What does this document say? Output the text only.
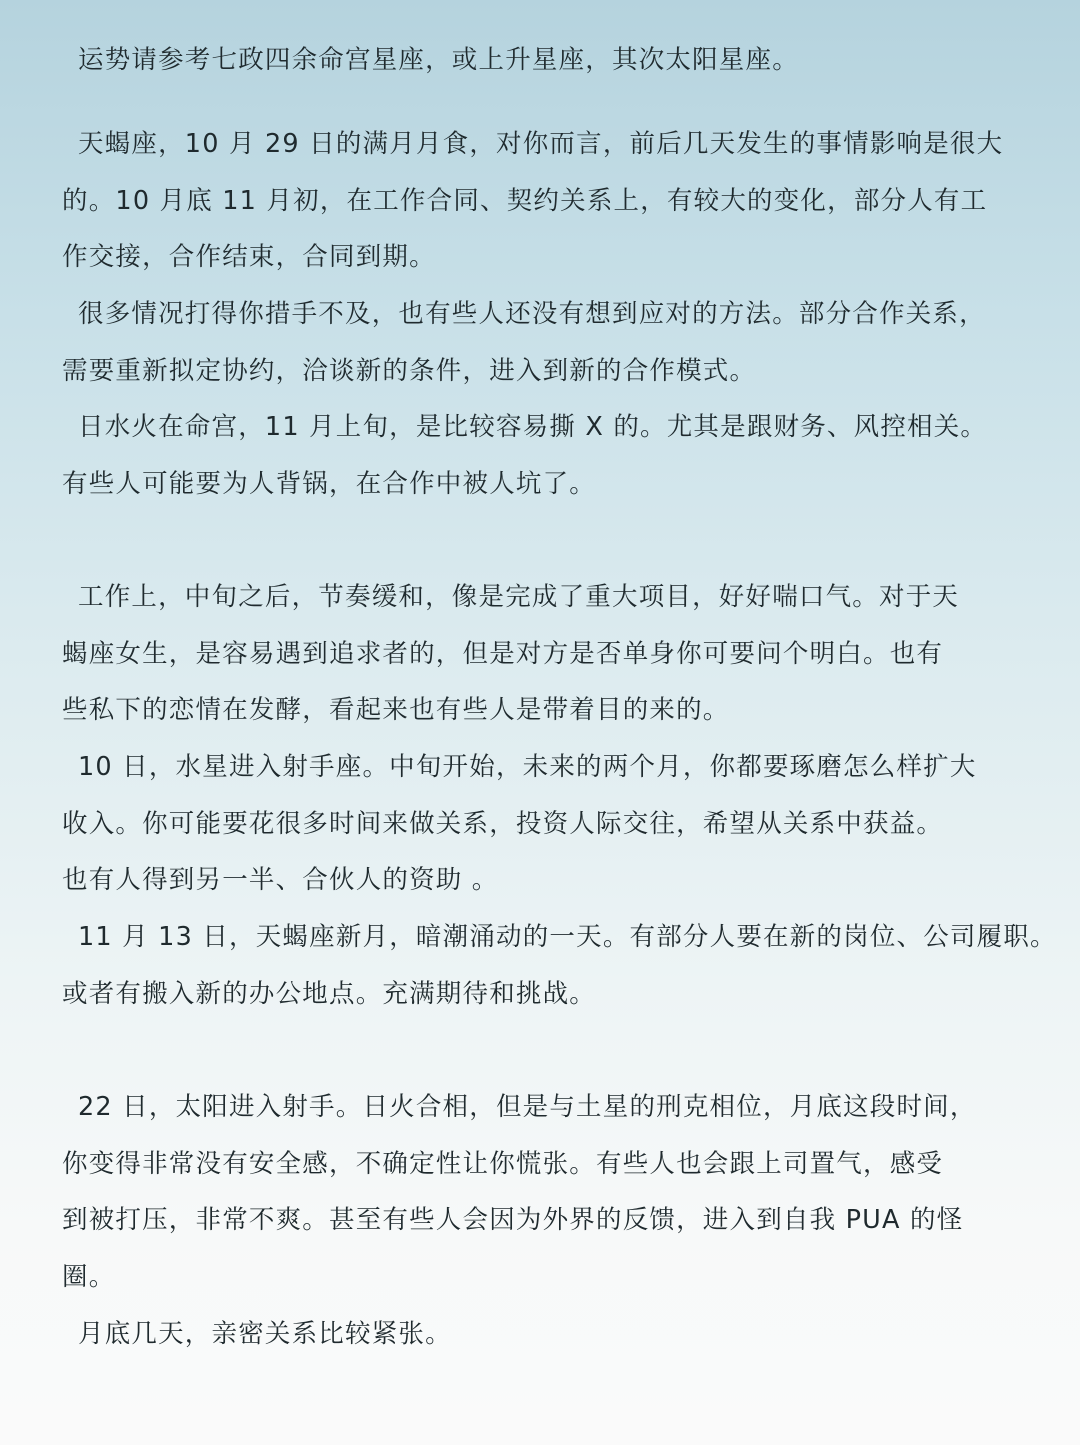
运势请参考七政四余命宫星座，或上升星座，其次太阳星座。
天蝎座，10 月 29 日的满月月食，对你而言，前后几天发生的事情影响是很大
的。10 月底 11 月初，在工作合同、契约关系上，有较大的变化，部分人有工
作交接，合作结束，合同到期。
很多情况打得你措手不及，也有些人还没有想到应对的方法。部分合作关系，
需要重新拟定协约，洽谈新的条件，进入到新的合作模式。
日水火在命宫，11 月上旬，是比较容易撕 X 的。尤其是跟财务、风控相关。
有些人可能要为人背锅，在合作中被人坑了。
工作上，中旬之后，节奏缓和，像是完成了重大项目，好好喘口气。对于天
蝎座女生，是容易遇到追求者的，但是对方是否单身你可要问个明白。也有
些私下的恋情在发酵，看起来也有些人是带着目的来的。
10 日，水星进入射手座。中旬开始，未来的两个月，你都要琢磨怎么样扩大
收入。你可能要花很多时间来做关系，投资人际交往，希望从关系中获益。
也有人得到另一半、合伙人的资助 。
11 月 13 日，天蝎座新月，暗潮涌动的一天。有部分人要在新的岗位、公司履职。
或者有搬入新的办公地点。充满期待和挑战。
22 日，太阳进入射手。日火合相，但是与土星的刑克相位，月底这段时间，
你变得非常没有安全感，不确定性让你慌张。有些人也会跟上司置气，感受
到被打压，非常不爽。甚至有些人会因为外界的反馈，进入到自我 PUA 的怪
圈。
月底几天，亲密关系比较紧张。
